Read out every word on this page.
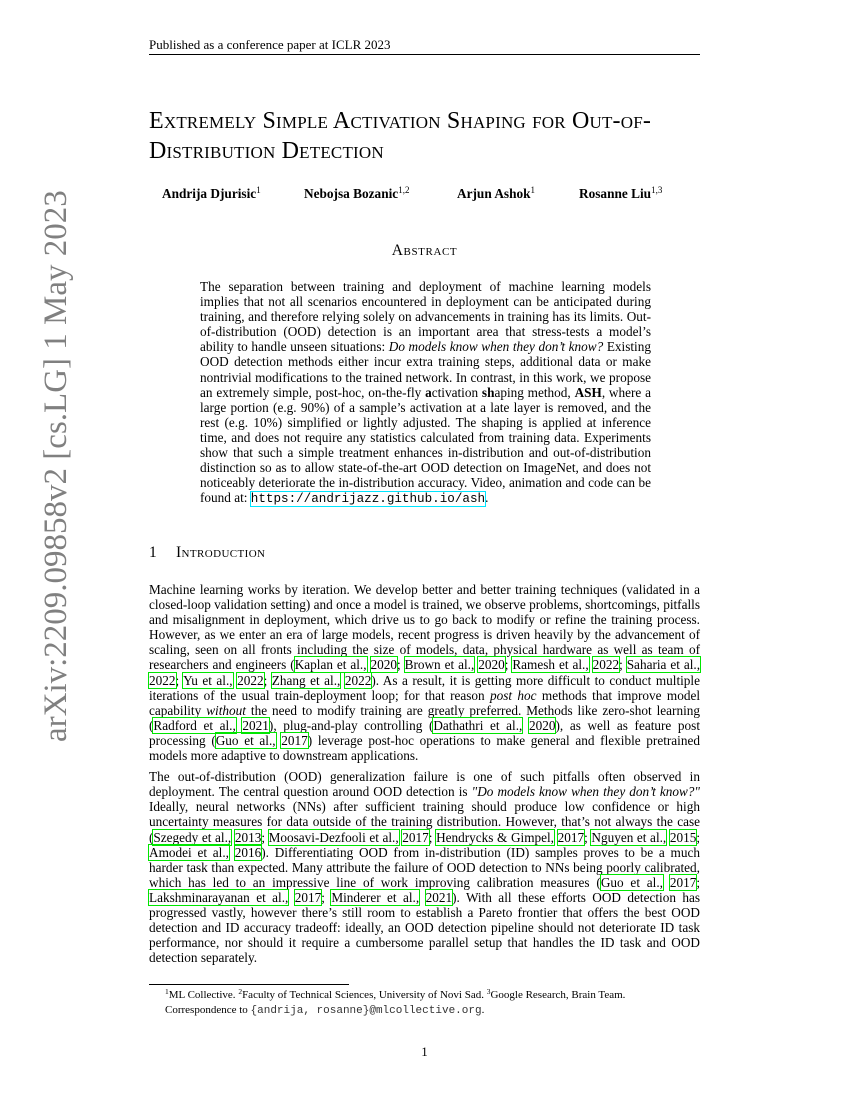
Published as a conference paper at ICLR 2023
arXiv:2209.09858v2 [cs.LG] 1 May 2023
Extremely Simple Activation Shaping for Out-of-Distribution Detection
Andrija Djurisic$^1$	Nebojsa Bozanic$^{1,2}$	Arjun Ashok$^1$	Rosanne Liu$^{1,3}$
Abstract

The separation between training and deployment of machine learning models implies that not all scenarios encountered in deployment can be anticipated during training, and therefore relying solely on advancements in training has its limits. Out-of-distribution (OOD) detection is an important area that stress-tests a model’s ability to handle unseen situations: Do models know when they don’t know? Existing OOD detection methods either incur extra training steps, additional data or make nontrivial modifications to the trained network. In contrast, in this work, we propose an extremely simple, post-hoc, on-the-fly activation shaping method, ASH, where a large portion (e.g. 90%) of a sample’s activation at a late layer is removed, and the rest (e.g. 10%) simplified or lightly adjusted. The shaping is applied at inference time, and does not require any statistics calculated from training data. Experiments show that such a simple treatment enhances in-distribution and out-of-distribution distinction so as to allow state-of-the-art OOD detection on ImageNet, and does not noticeably deteriorate the in-distribution accuracy. Video, animation and code can be found at: https://andrijazz.github.io/ash.

1 Introduction

Machine learning works by iteration. We develop better and better training techniques (validated in a closed-loop validation setting) and once a model is trained, we observe problems, shortcomings, pitfalls and misalignment in deployment, which drive us to go back to modify or refine the training process. However, as we enter an era of large models, recent progress is driven heavily by the advancement of scaling, seen on all fronts including the size of models, data, physical hardware as well as team of researchers and engineers (Kaplan et al., 2020; Brown et al., 2020; Ramesh et al., 2022; Saharia et al., 2022; Yu et al., 2022; Zhang et al., 2022). As a result, it is getting more difficult to conduct multiple iterations of the usual train-deployment loop; for that reason post hoc methods that improve model capability without the need to modify training are greatly preferred. Methods like zero-shot learning (Radford et al., 2021), plug-and-play controlling (Dathathri et al., 2020), as well as feature post processing (Guo et al., 2017) leverage post-hoc operations to make general and flexible pretrained models more adaptive to downstream applications.

The out-of-distribution (OOD) generalization failure is one of such pitfalls often observed in deployment. The central question around OOD detection is "Do models know when they don’t know?" Ideally, neural networks (NNs) after sufficient training should produce low confidence or high uncertainty measures for data outside of the training distribution. However, that’s not always the case (Szegedy et al., 2013; Moosavi-Dezfooli et al., 2017; Hendrycks & Gimpel, 2017; Nguyen et al., 2015; Amodei et al., 2016). Differentiating OOD from in-distribution (ID) samples proves to be a much harder task than expected. Many attribute the failure of OOD detection to NNs being poorly calibrated, which has led to an impressive line of work improving calibration measures (Guo et al., 2017; Lakshminarayanan et al., 2017; Minderer et al., 2021). With all these efforts OOD detection has progressed vastly, however there’s still room to establish a Pareto frontier that offers the best OOD detection and ID accuracy tradeoff: ideally, an OOD detection pipeline should not deteriorate ID task performance, nor should it require a cumbersome parallel setup that handles the ID task and OOD detection separately.

$^1$ML Collective. $^2$Faculty of Technical Sciences, University of Novi Sad. $^3$Google Research, Brain Team.
Correspondence to {andrija, rosanne}@mlcollective.org.
1
